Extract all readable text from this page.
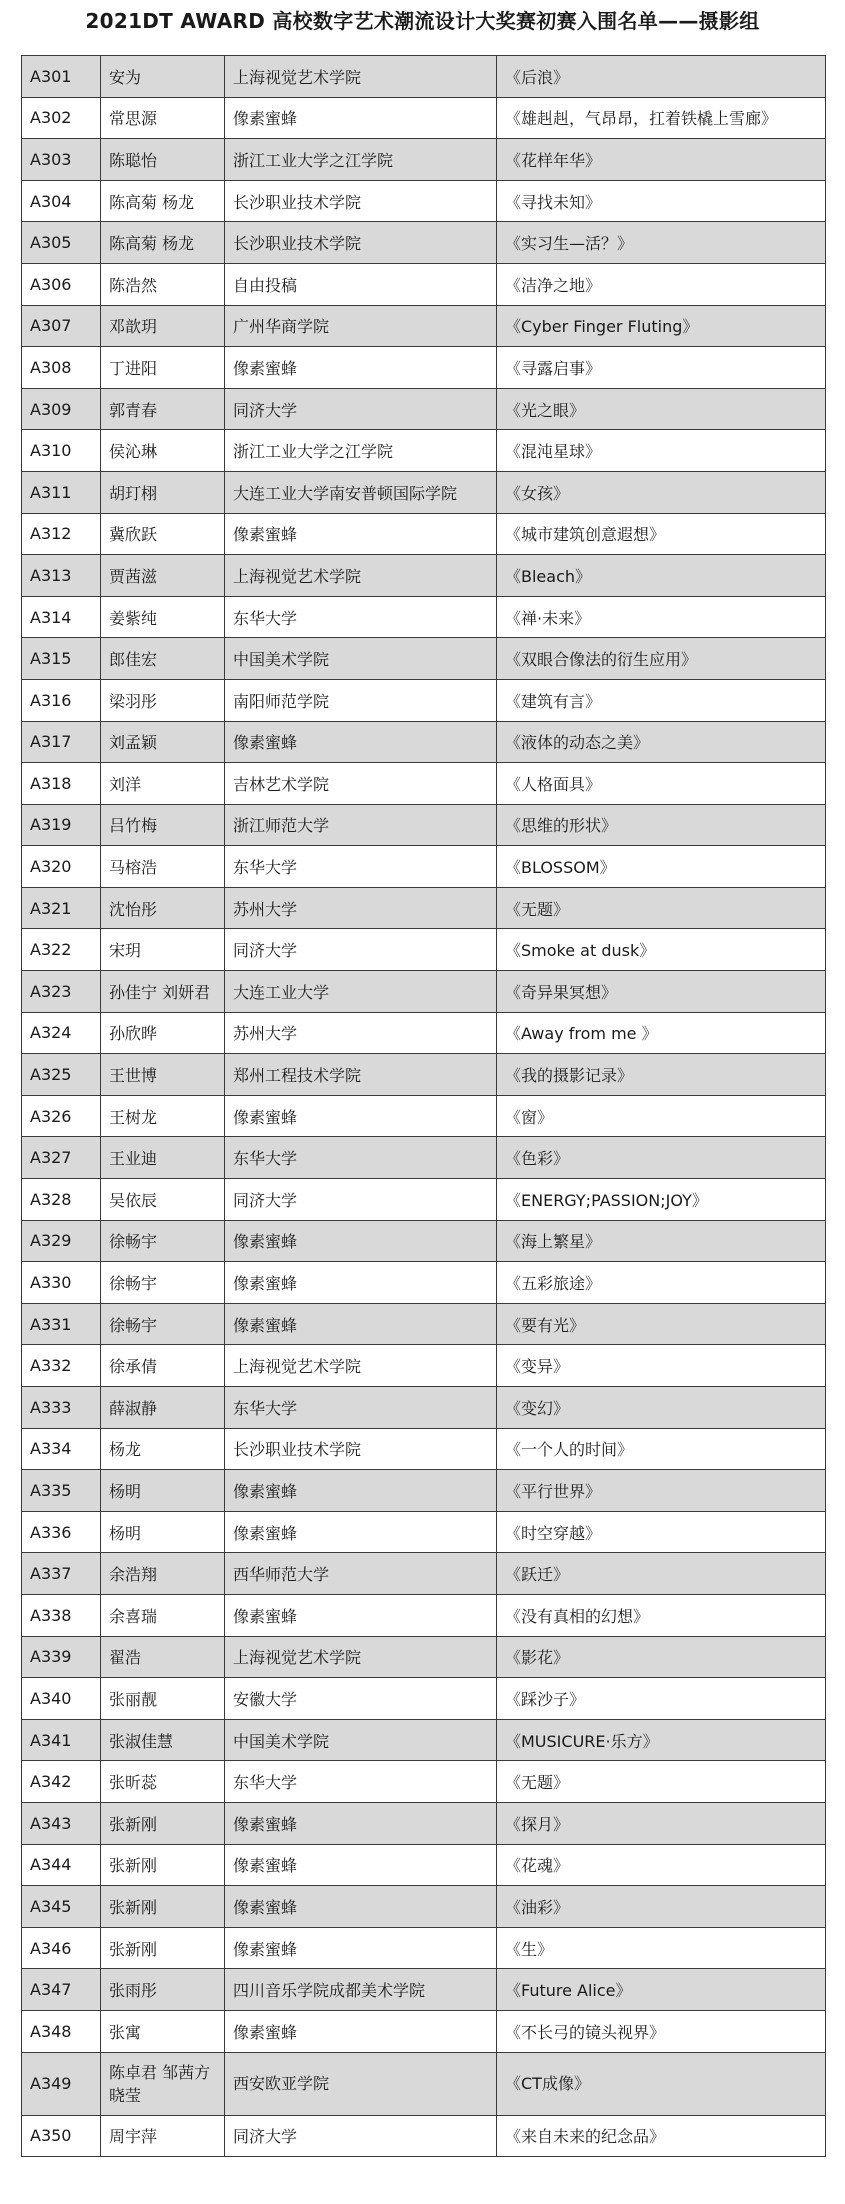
2021DT AWARD 高校数字艺术潮流设计大奖赛初赛入围名单——摄影组
A301	安为	上海视觉艺术学院	《后浪》
A302	常思源	像素蜜蜂	《雄赳赳，气昂昂，扛着铁橇上雪廊》
A303	陈聪怡	浙江工业大学之江学院	《花样年华》
A304	陈高菊 杨龙	长沙职业技术学院	《寻找未知》
A305	陈高菊 杨龙	长沙职业技术学院	《实习生—活？》
A306	陈浩然	自由投稿	《洁净之地》
A307	邓歆玥	广州华商学院	《Cyber Finger Fluting》
A308	丁进阳	像素蜜蜂	《寻露启事》
A309	郭青春	同济大学	《光之眼》
A310	侯沁琳	浙江工业大学之江学院	《混沌星球》
A311	胡玎栩	大连工业大学南安普顿国际学院	《女孩》
A312	冀欣跃	像素蜜蜂	《城市建筑创意遐想》
A313	贾茜滋	上海视觉艺术学院	《Bleach》
A314	姜紫纯	东华大学	《禅·未来》
A315	郎佳宏	中国美术学院	《双眼合像法的衍生应用》
A316	梁羽彤	南阳师范学院	《建筑有言》
A317	刘孟颖	像素蜜蜂	《液体的动态之美》
A318	刘洋	吉林艺术学院	《人格面具》
A319	吕竹梅	浙江师范大学	《思维的形状》
A320	马榕浩	东华大学	《BLOSSOM》
A321	沈怡彤	苏州大学	《无题》
A322	宋玥	同济大学	《Smoke at dusk》
A323	孙佳宁 刘妍君	大连工业大学	《奇异果冥想》
A324	孙欣晔	苏州大学	《Away from me 》
A325	王世博	郑州工程技术学院	《我的摄影记录》
A326	王树龙	像素蜜蜂	《窗》
A327	王业迪	东华大学	《色彩》
A328	吴依辰	同济大学	《ENERGY;PASSION;JOY》
A329	徐畅宇	像素蜜蜂	《海上繁星》
A330	徐畅宇	像素蜜蜂	《五彩旅途》
A331	徐畅宇	像素蜜蜂	《要有光》
A332	徐承倩	上海视觉艺术学院	《变异》
A333	薛淑静	东华大学	《变幻》
A334	杨龙	长沙职业技术学院	《一个人的时间》
A335	杨明	像素蜜蜂	《平行世界》
A336	杨明	像素蜜蜂	《时空穿越》
A337	余浩翔	西华师范大学	《跃迁》
A338	余喜瑞	像素蜜蜂	《没有真相的幻想》
A339	翟浩	上海视觉艺术学院	《影花》
A340	张丽靓	安徽大学	《踩沙子》
A341	张淑佳慧	中国美术学院	《MUSICURE·乐方》
A342	张昕蕊	东华大学	《无题》
A343	张新刚	像素蜜蜂	《探月》
A344	张新刚	像素蜜蜂	《花魂》
A345	张新刚	像素蜜蜂	《油彩》
A346	张新刚	像素蜜蜂	《生》
A347	张雨彤	四川音乐学院成都美术学院	《Future Alice》
A348	张寓	像素蜜蜂	《不长弓的镜头视界》
A349	陈卓君 邹茜方晓莹	西安欧亚学院	《CT成像》
A350	周宇萍	同济大学	《来自未来的纪念品》
